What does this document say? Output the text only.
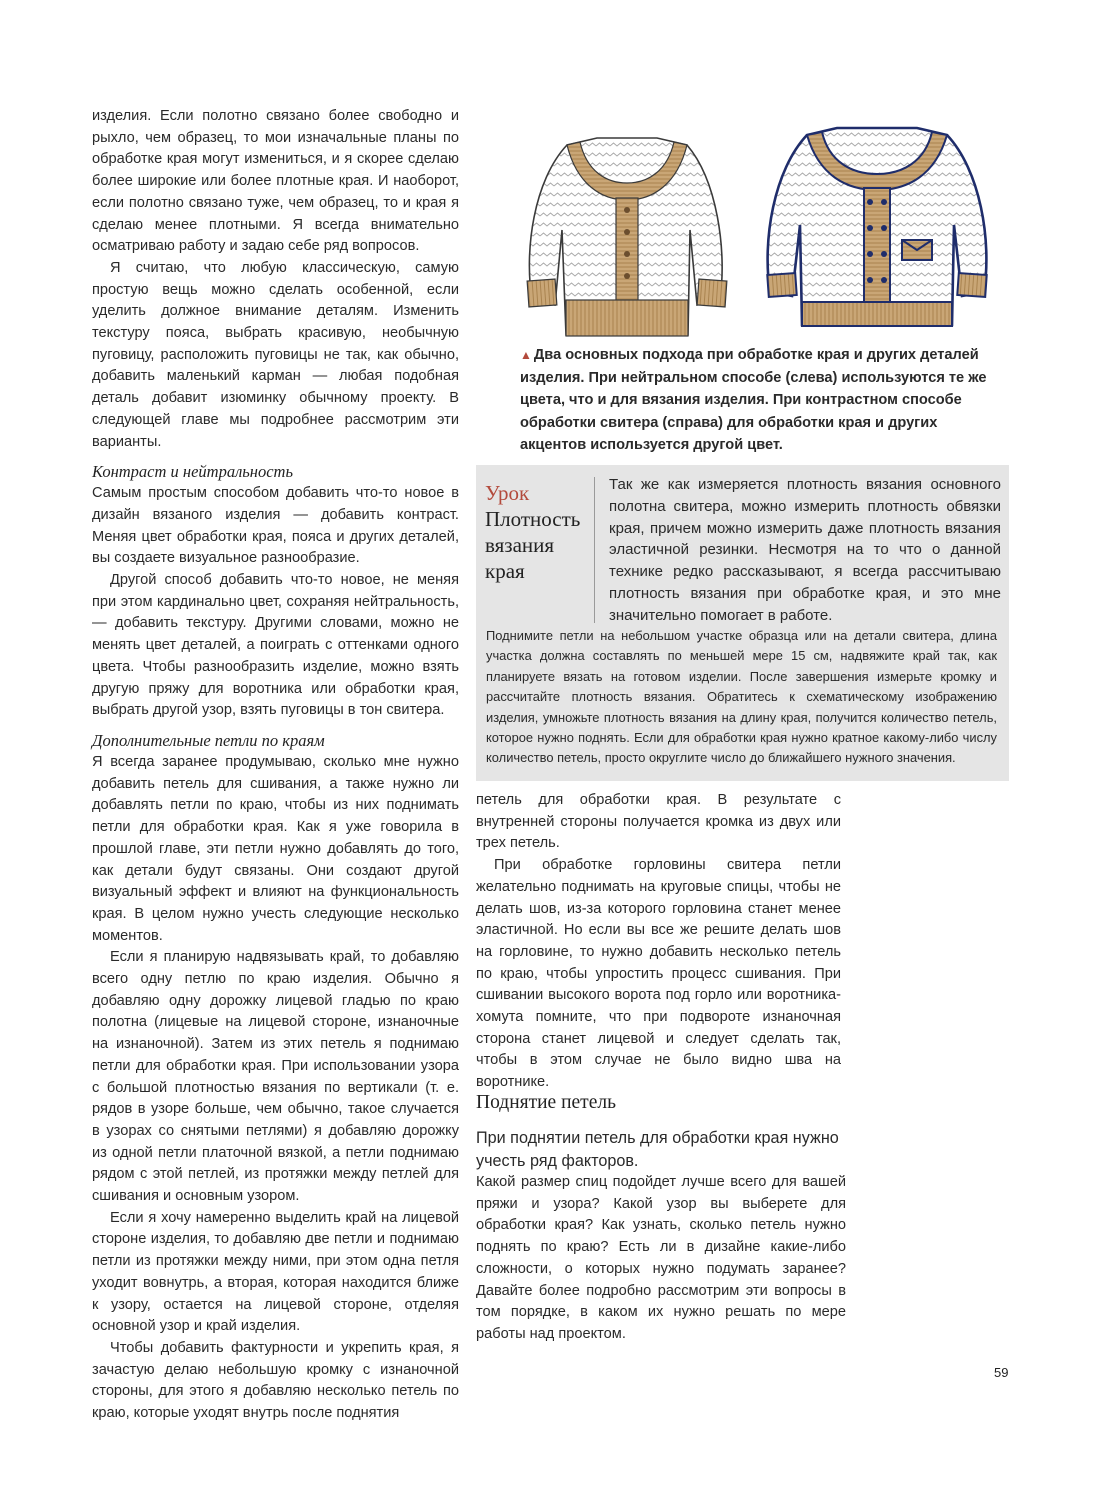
изделия. Если полотно связано более свободно и рыхло, чем образец, то мои изначальные планы по обработке края могут измениться, и я скорее сделаю более широкие или более плотные края. И наоборот, если полотно связано туже, чем образец, то и края я сделаю менее плотными. Я всегда внимательно осматриваю работу и задаю себе ряд вопросов.

Я считаю, что любую классическую, самую простую вещь можно сделать особенной, если уделить должное внимание деталям. Изменить текстуру пояса, выбрать красивую, необычную пуговицу, расположить пуговицы не так, как обычно, добавить маленький карман — любая подобная деталь добавит изюминку обычному проекту. В следующей главе мы подробнее рассмотрим эти варианты.

Контраст и нейтральность

Самым простым способом добавить что-то новое в дизайн вязаного изделия — добавить контраст. Меняя цвет обработки края, пояса и других деталей, вы создаете визуальное разнообразие.

Другой способ добавить что-то новое, не меняя при этом кардинально цвет, сохраняя нейтральность, — добавить текстуру. Другими словами, можно не менять цвет деталей, а поиграть с оттенками одного цвета. Чтобы разнообразить изделие, можно взять другую пряжу для воротника или обработки края, выбрать другой узор, взять пуговицы в тон свитера.

Дополнительные петли по краям

Я всегда заранее продумываю, сколько мне нужно добавить петель для сшивания, а также нужно ли добавлять петли по краю, чтобы из них поднимать петли для обработки края. Как я уже говорила в прошлой главе, эти петли нужно добавлять до того, как детали будут связаны. Они создают другой визуальный эффект и влияют на функциональность края. В целом нужно учесть следующие несколько моментов.

Если я планирую надвязывать край, то добавляю всего одну петлю по краю изделия. Обычно я добавляю одну дорожку лицевой гладью по краю полотна (лицевые на лицевой стороне, изнаночные на изнаночной). Затем из этих петель я поднимаю петли для обработки края. При использовании узора с большой плотностью вязания по вертикали (т. е. рядов в узоре больше, чем обычно, такое случается в узорах со снятыми петлями) я добавляю дорожку из одной петли платочной вязкой, а петли поднимаю рядом с этой петлей, из протяжки между петлей для сшивания и основным узором.

Если я хочу намеренно выделить край на лицевой стороне изделия, то добавляю две петли и поднимаю петли из протяжки между ними, при этом одна петля уходит вовнутрь, а вторая, которая находится ближе к узору, остается на лицевой стороне, отделяя основной узор и край изделия.

Чтобы добавить фактурности и укрепить края, я зачастую делаю небольшую кромку с изнаночной стороны, для этого я добавляю несколько петель по краю, которые уходят внутрь после поднятия

▲ Два основных подхода при обработке края и других деталей изделия. При нейтральном способе (слева) используются те же цвета, что и для вязания изделия. При контрастном способе обработки свитера (справа) для обработки края и других акцентов используется другой цвет.
Урок
Плотность вязания края
Так же как измеряется плотность вязания основного полотна свитера, можно измерить плотность обвязки края, причем можно измерить даже плотность вязания эластичной резинки. Несмотря на то что о данной технике редко рассказывают, я всегда рассчитываю плотность вязания при обработке края, и это мне значительно помогает в работе.
Поднимите петли на небольшом участке образца или на детали свитера, длина участка должна составлять по меньшей мере 15 см, надвяжите край так, как планируете вязать на готовом изделии. После завершения измерьте кромку и рассчитайте плотность вязания. Обратитесь к схематическому изображению изделия, умножьте плотность вязания на длину края, получится количество петель, которое нужно поднять. Если для обработки края нужно кратное какому-либо числу количество петель, просто округлите число до ближайшего нужного значения.

петель для обработки края. В результате с внутренней стороны получается кромка из двух или трех петель.

При обработке горловины свитера петли желательно поднимать на круговые спицы, чтобы не делать шов, из-за которого горловина станет менее эластичной. Но если вы все же решите делать шов на горловине, то нужно добавить несколько петель по краю, чтобы упростить процесс сшивания. При сшивании высокого ворота под горло или воротника-хомута помните, что при подвороте изнаночная сторона станет лицевой и следует сделать так, чтобы в этом случае не было видно шва на воротнике.

Поднятие петель

При поднятии петель для обработки края нужно учесть ряд факторов.

Какой размер спиц подойдет лучше всего для вашей пряжи и узора? Какой узор вы выберете для обработки края? Как узнать, сколько петель нужно поднять по краю? Есть ли в дизайне какие-либо сложности, о которых нужно подумать заранее? Давайте более подробно рассмотрим эти вопросы в том порядке, в каком их нужно решать по мере работы над проектом.

59
